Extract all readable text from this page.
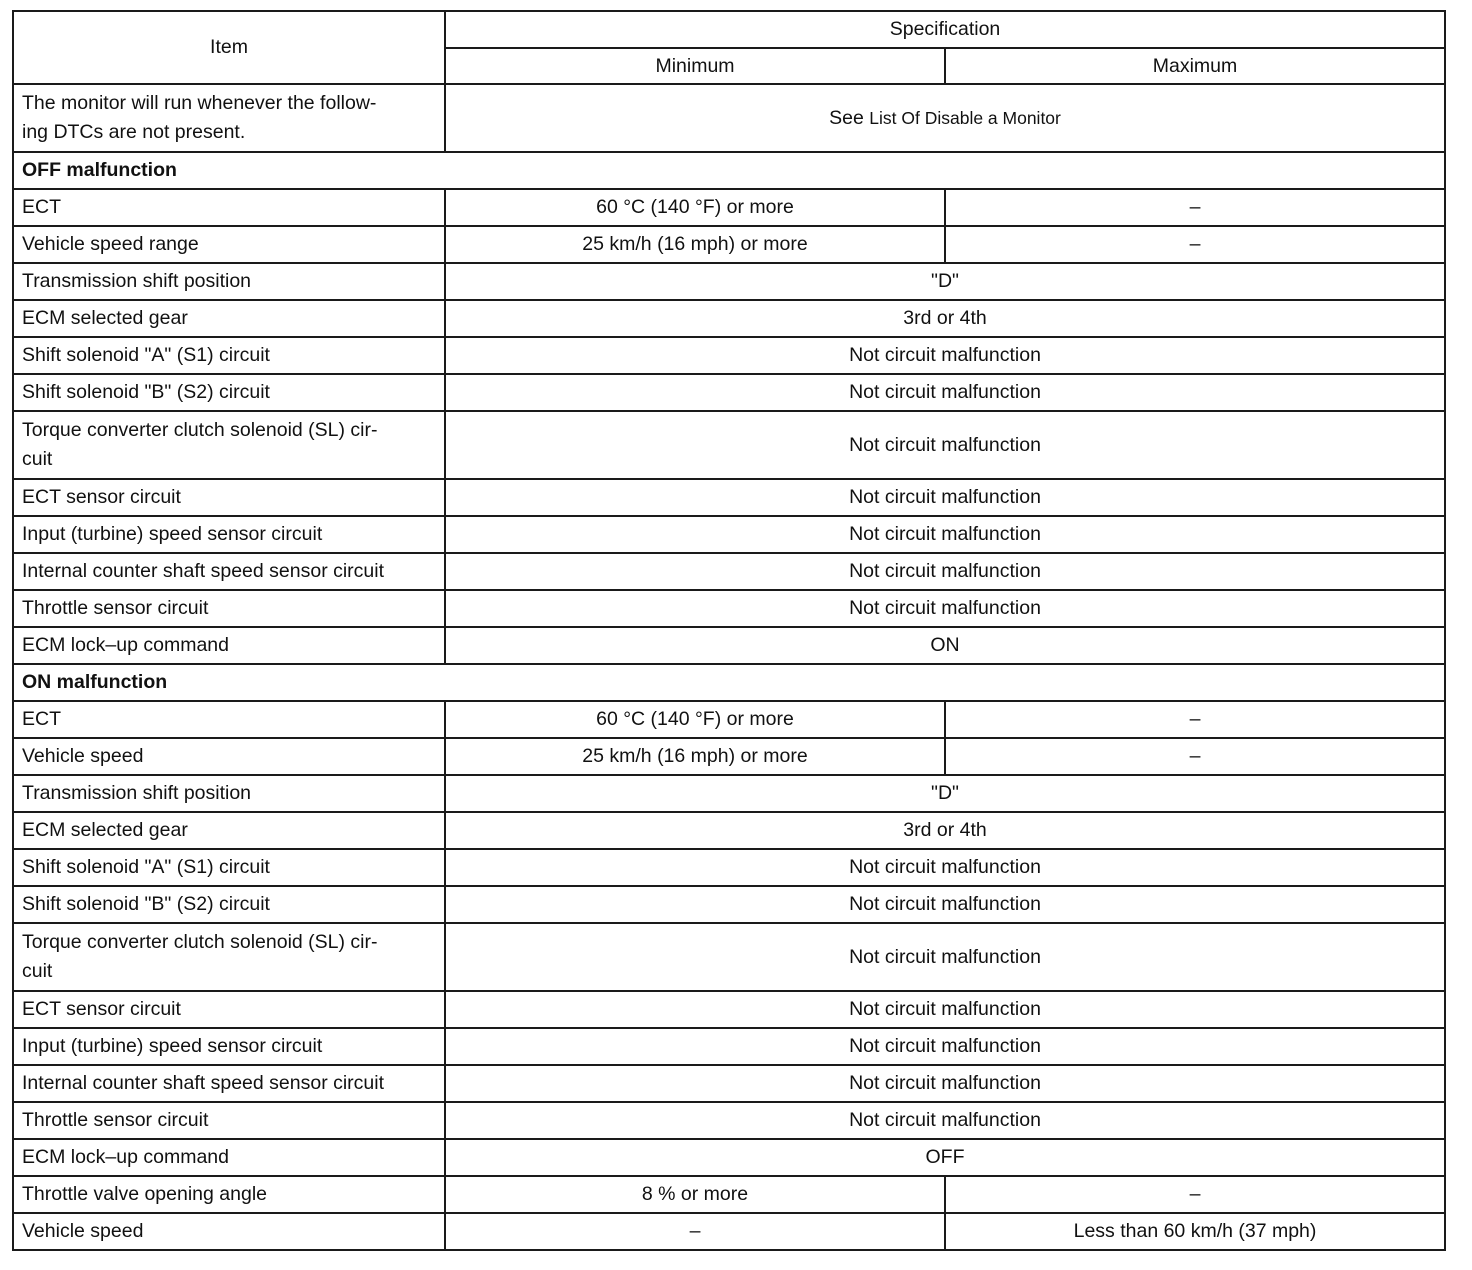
Item	Specification	
	Minimum	Maximum

The monitor will run whenever the follow-
ing DTCs are not present.	See List Of Disable a Monitor	
OFF malfunction		
ECT	60 °C (140 °F) or more	–
Vehicle speed range	25 km/h (16 mph) or more	–
Transmission shift position	"D"	
ECM selected gear	3rd or 4th	
Shift solenoid "A" (S1) circuit	Not circuit malfunction	
Shift solenoid "B" (S2) circuit	Not circuit malfunction	

Torque converter clutch solenoid (SL) cir-
cuit	Not circuit malfunction	
ECT sensor circuit	Not circuit malfunction	
Input (turbine) speed sensor circuit	Not circuit malfunction	
Internal counter shaft speed sensor circuit	Not circuit malfunction	
Throttle sensor circuit	Not circuit malfunction	
ECM lock–up command	ON	
ON malfunction		
ECT	60 °C (140 °F) or more	–
Vehicle speed	25 km/h (16 mph) or more	–
Transmission shift position	"D"	
ECM selected gear	3rd or 4th	
Shift solenoid "A" (S1) circuit	Not circuit malfunction	
Shift solenoid "B" (S2) circuit	Not circuit malfunction	

Torque converter clutch solenoid (SL) cir-
cuit	Not circuit malfunction	
ECT sensor circuit	Not circuit malfunction	
Input (turbine) speed sensor circuit	Not circuit malfunction	
Internal counter shaft speed sensor circuit	Not circuit malfunction	
Throttle sensor circuit	Not circuit malfunction	
ECM lock–up command	OFF	
Throttle valve opening angle	8 % or more	–
Vehicle speed	–	Less than 60 km/h (37 mph)
